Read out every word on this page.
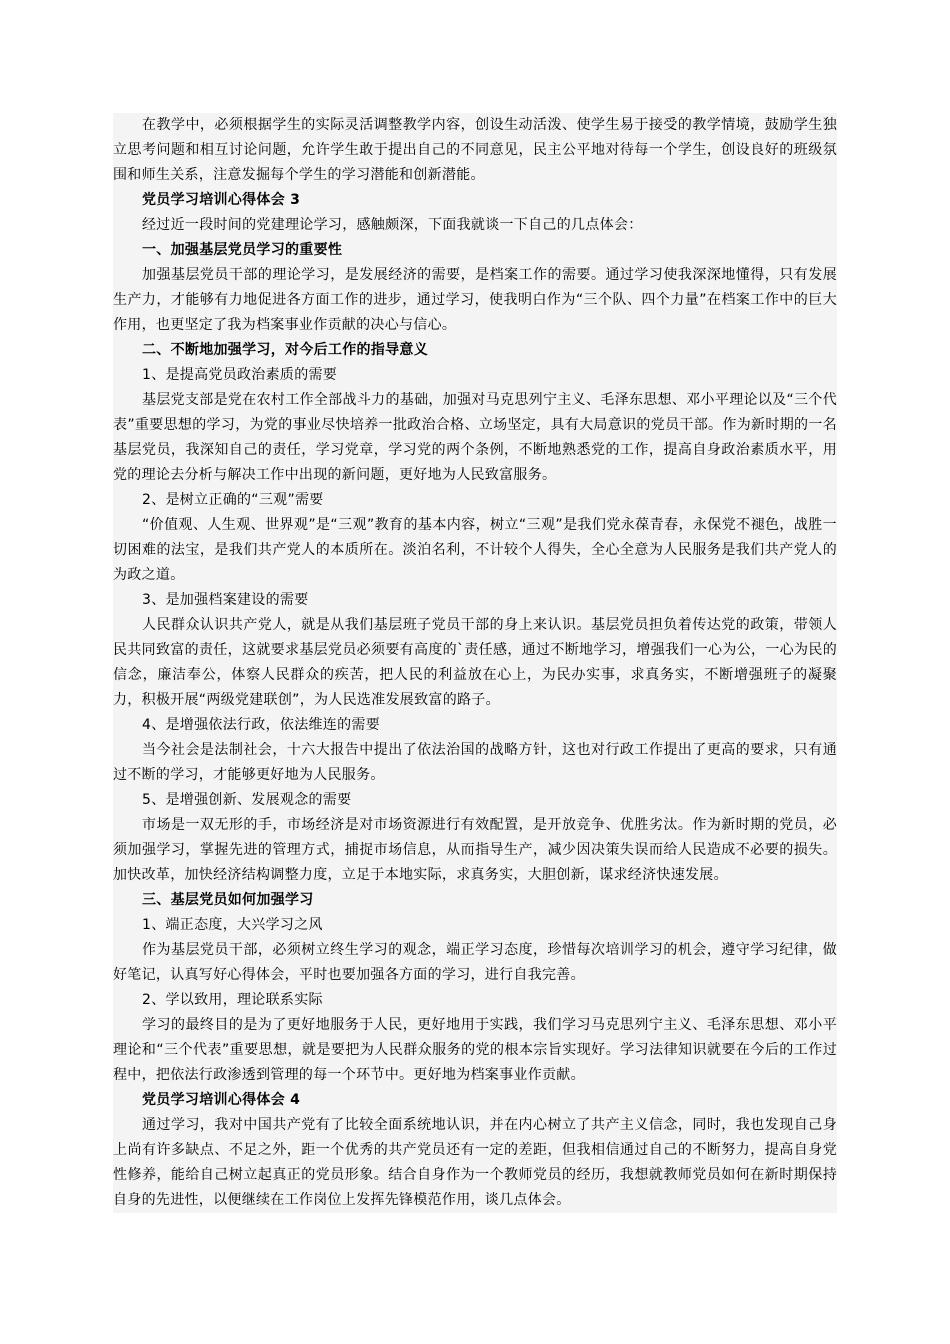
在教学中，必须根据学生的实际灵活调整教学内容，创设生动活泼、使学生易于接受的教学情境，鼓励学生独立思考问题和相互讨论问题，允许学生敢于提出自己的不同意见，民主公平地对待每一个学生，创设良好的班级氛围和师生关系，注意发掘每个学生的学习潜能和创新潜能。

党员学习培训心得体会 3

经过近一段时间的党建理论学习，感触颇深，下面我就谈一下自己的几点体会：

一、加强基层党员学习的重要性

加强基层党员干部的理论学习，是发展经济的需要，是档案工作的需要。通过学习使我深深地懂得，只有发展生产力，才能够有力地促进各方面工作的进步，通过学习，使我明白作为“三个队、四个力量”在档案工作中的巨大作用，也更坚定了我为档案事业作贡献的决心与信心。

二、不断地加强学习，对今后工作的指导意义

1、是提高党员政治素质的需要

基层党支部是党在农村工作全部战斗力的基础，加强对马克思列宁主义、毛泽东思想、邓小平理论以及“三个代表”重要思想的学习，为党的事业尽快培养一批政治合格、立场坚定，具有大局意识的党员干部。作为新时期的一名基层党员，我深知自己的责任，学习党章，学习党的两个条例，不断地熟悉党的工作，提高自身政治素质水平，用党的理论去分析与解决工作中出现的新问题，更好地为人民致富服务。

2、是树立正确的“三观”需要

“价值观、人生观、世界观”是“三观”教育的基本内容，树立“三观”是我们党永葆青春，永保党不褪色，战胜一切困难的法宝，是我们共产党人的本质所在。淡泊名利，不计较个人得失，全心全意为人民服务是我们共产党人的为政之道。

3、是加强档案建设的需要

人民群众认识共产党人，就是从我们基层班子党员干部的身上来认识。基层党员担负着传达党的政策，带领人民共同致富的责任，这就要求基层党员必须要有高度的`责任感，通过不断地学习，增强我们一心为公，一心为民的信念，廉洁奉公，体察人民群众的疾苦，把人民的利益放在心上，为民办实事，求真务实，不断增强班子的凝聚力，积极开展“两级党建联创”，为人民选准发展致富的路子。

4、是增强依法行政，依法维连的需要

当今社会是法制社会，十六大报告中提出了依法治国的战略方针，这也对行政工作提出了更高的要求，只有通过不断的学习，才能够更好地为人民服务。

5、是增强创新、发展观念的需要

市场是一双无形的手，市场经济是对市场资源进行有效配置，是开放竞争、优胜劣汰。作为新时期的党员，必须加强学习，掌握先进的管理方式，捕捉市场信息，从而指导生产，减少因决策失误而给人民造成不必要的损失。加快改革，加快经济结构调整力度，立足于本地实际，求真务实，大胆创新，谋求经济快速发展。

三、基层党员如何加强学习

1、端正态度，大兴学习之风

作为基层党员干部，必须树立终生学习的观念，端正学习态度，珍惜每次培训学习的机会，遵守学习纪律，做好笔记，认真写好心得体会，平时也要加强各方面的学习，进行自我完善。

2、学以致用，理论联系实际

学习的最终目的是为了更好地服务于人民，更好地用于实践，我们学习马克思列宁主义、毛泽东思想、邓小平理论和“三个代表”重要思想，就是要把为人民群众服务的党的根本宗旨实现好。学习法律知识就要在今后的工作过程中，把依法行政渗透到管理的每一个环节中。更好地为档案事业作贡献。

党员学习培训心得体会 4

通过学习，我对中国共产党有了比较全面系统地认识，并在内心树立了共产主义信念，同时，我也发现自己身上尚有许多缺点、不足之外，距一个优秀的共产党员还有一定的差距，但我相信通过自己的不断努力，提高自身党性修养，能给自己树立起真正的党员形象。结合自身作为一个教师党员的经历，我想就教师党员如何在新时期保持自身的先进性，以便继续在工作岗位上发挥先锋模范作用，谈几点体会。
